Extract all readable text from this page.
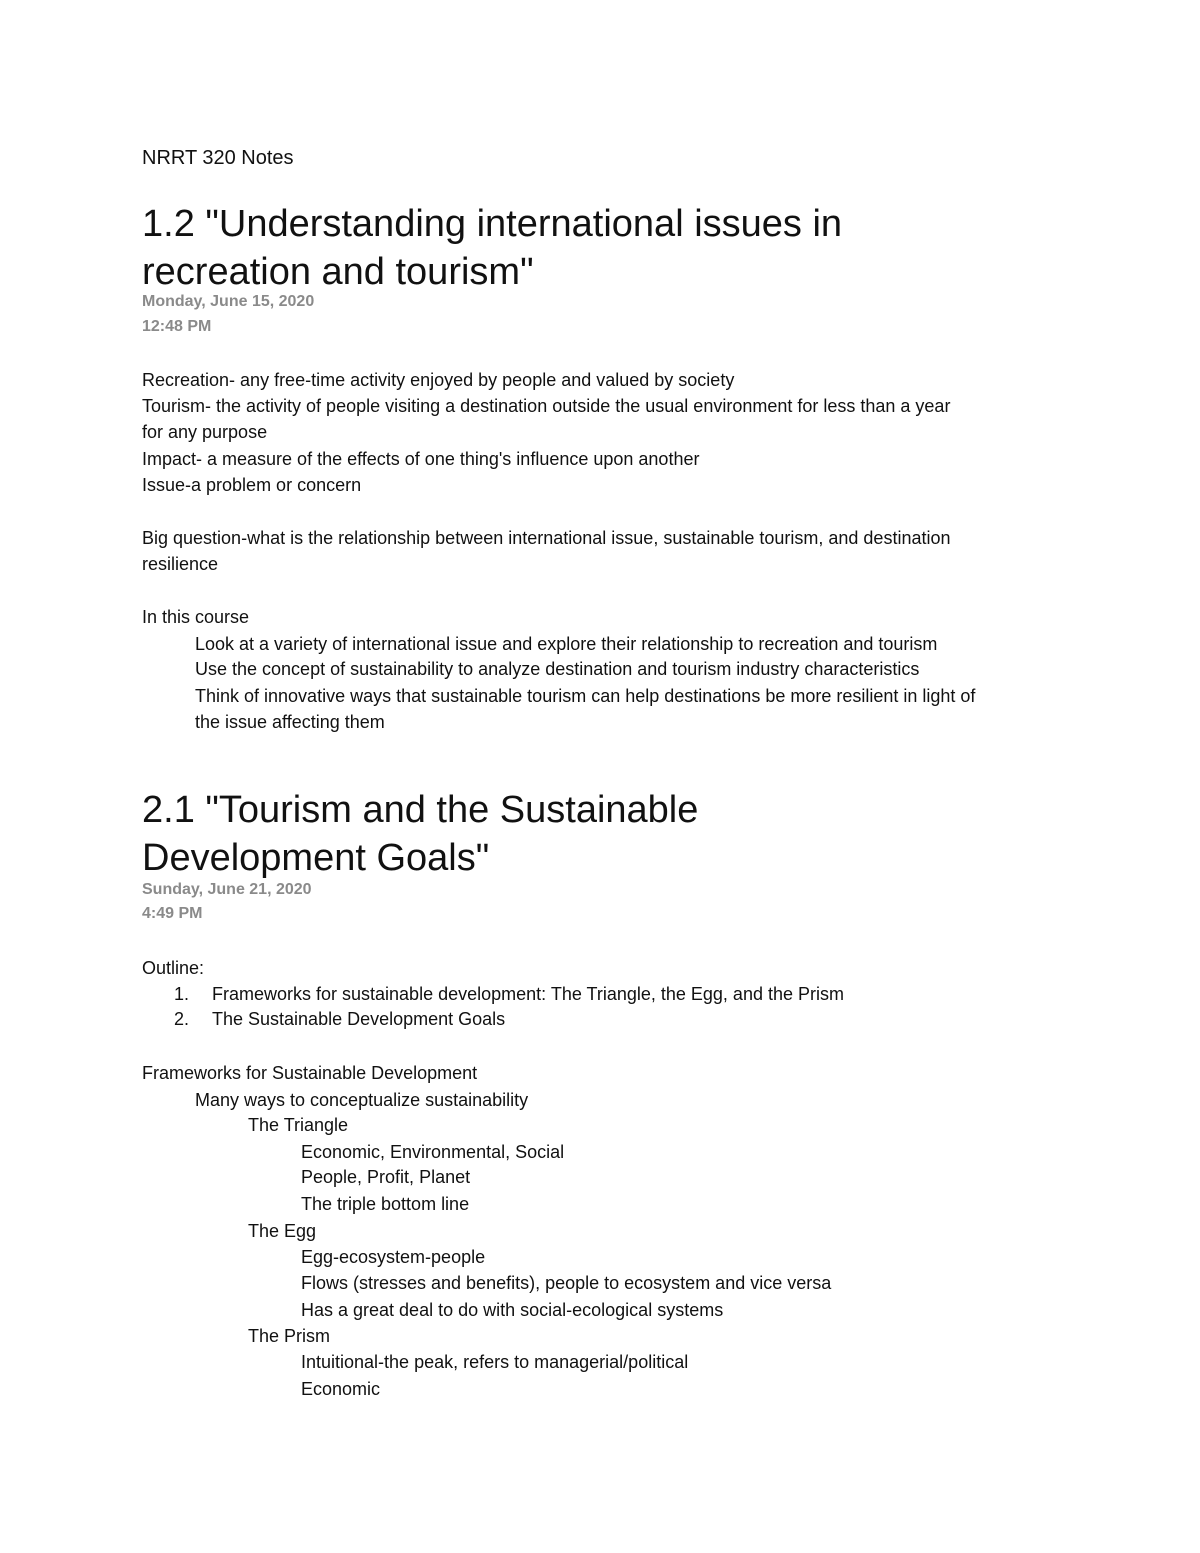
NRRT 320 Notes
1.2 "Understanding international issues in
recreation and tourism"
Monday, June 15, 2020
12:48 PM
Recreation- any free-time activity enjoyed by people and valued by society
Tourism- the activity of people visiting a destination outside the usual environment for less than a year
for any purpose
Impact- a measure of the effects of one thing's influence upon another
Issue-a problem or concern
Big question-what is the relationship between international issue, sustainable tourism, and destination
resilience
In this course
Look at a variety of international issue and explore their relationship to recreation and tourism
Use the concept of sustainability to analyze destination and tourism industry characteristics
Think of innovative ways that sustainable tourism can help destinations be more resilient in light of
the issue affecting them
2.1 "Tourism and the Sustainable
Development Goals"
Sunday, June 21, 2020
4:49 PM
Outline:
1. Frameworks for sustainable development: The Triangle, the Egg, and the Prism
2. The Sustainable Development Goals
Frameworks for Sustainable Development
Many ways to conceptualize sustainability
The Triangle
Economic, Environmental, Social
People, Profit, Planet
The triple bottom line
The Egg
Egg-ecosystem-people
Flows (stresses and benefits), people to ecosystem and vice versa
Has a great deal to do with social-ecological systems
The Prism
Intuitional-the peak, refers to managerial/political
Economic
